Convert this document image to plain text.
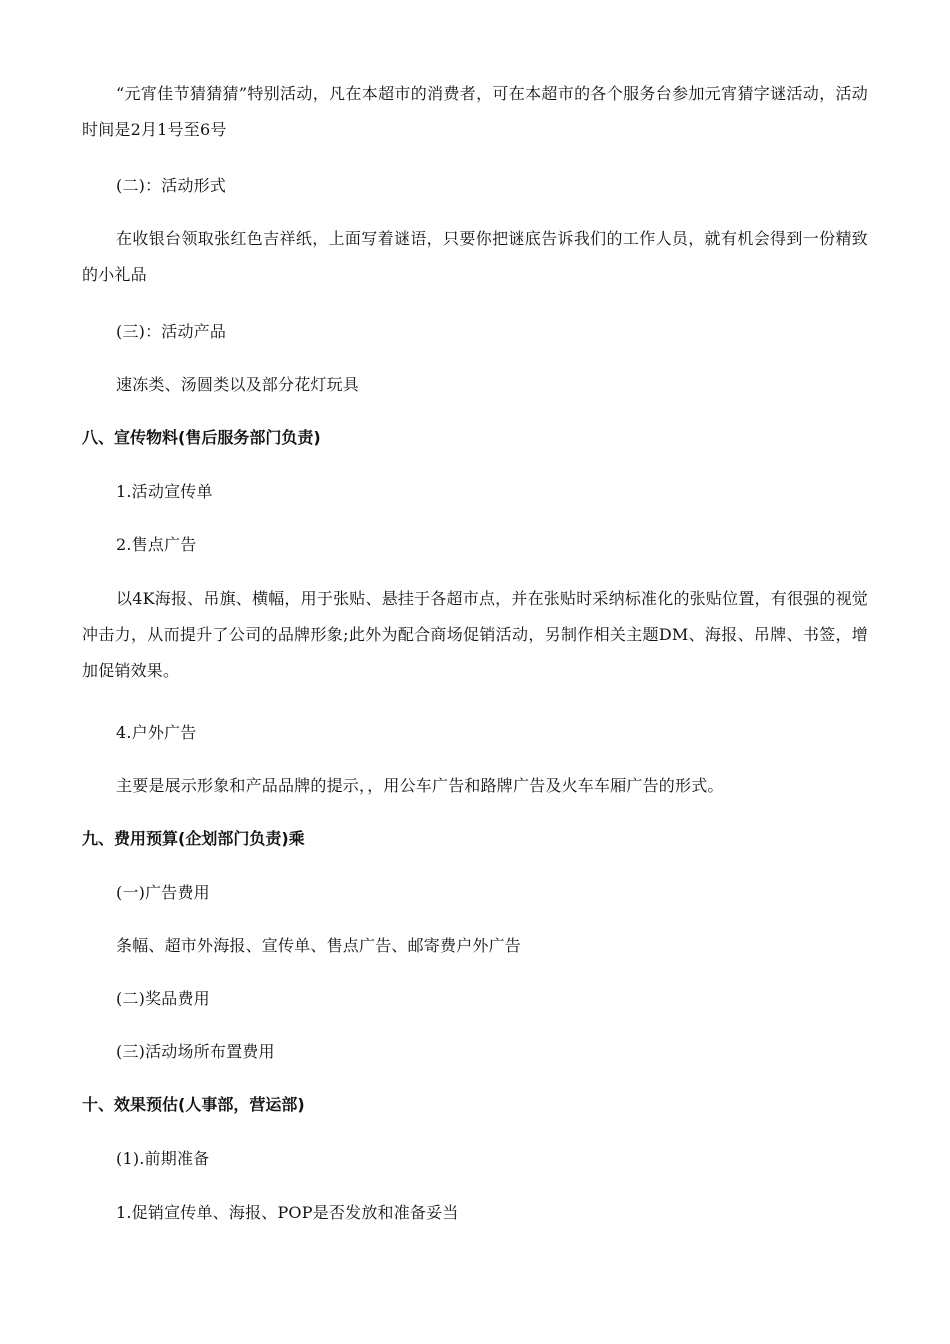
“元宵佳节猜猜猜”特别活动，凡在本超市的消费者，可在本超市的各个服务台参加元宵猜字谜活动，活动时间是2月1号至6号

(二)：活动形式

在收银台领取张红色吉祥纸，上面写着谜语，只要你把谜底告诉我们的工作人员，就有机会得到一份精致的小礼品

(三)：活动产品

速冻类、汤圆类以及部分花灯玩具

八、宣传物料(售后服务部门负责)

1.活动宣传单

2.售点广告

以4K海报、吊旗、横幅，用于张贴、悬挂于各超市点，并在张贴时采纳标准化的张贴位置，有很强的视觉冲击力，从而提升了公司的品牌形象;此外为配合商场促销活动，另制作相关主题DM、海报、吊牌、书签，增加促销效果。

4.户外广告

主要是展示形象和产品品牌的提示，，用公车广告和路牌广告及火车车厢广告的形式。

九、费用预算(企划部门负责)乘

(一)广告费用

条幅、超市外海报、宣传单、售点广告、邮寄费户外广告

(二)奖品费用

(三)活动场所布置费用

十、效果预估(人事部，营运部)

(1).前期准备

1.促销宣传单、海报、POP是否发放和准备妥当
